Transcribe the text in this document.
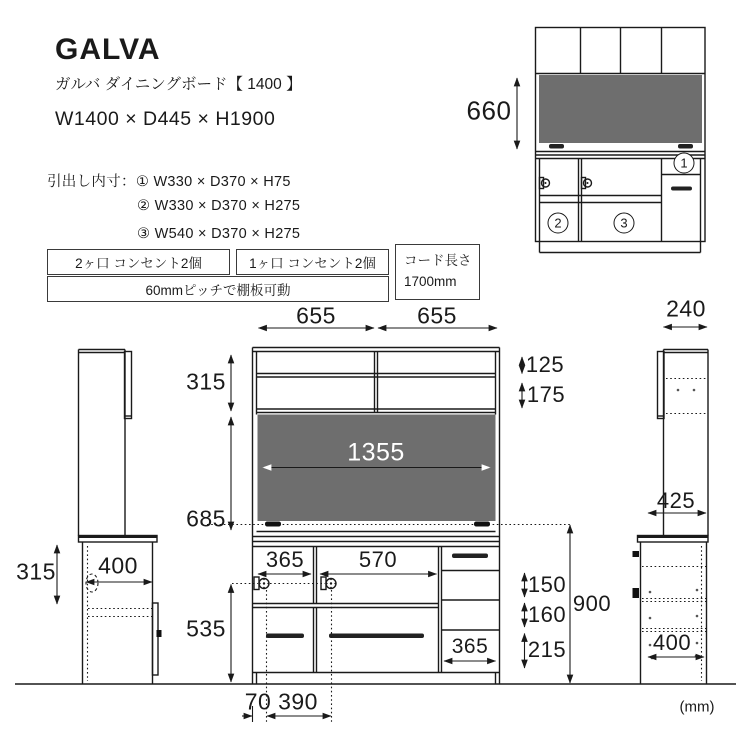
GALVA
ガルバ ダイニングボード【 1400 】
W1400 × D445 × H1900
引出し内寸：① W330 × D370 × H75
② W330 × D370 × H275
③ W540 × D370 × H275
2ヶ口 コンセント2個	1ヶ口 コンセント2個
60mmピッチで棚板可動
コード長さ
1700mm
1
2	3
660
655	655
125
175
315
685
1355
365 570
150
160
215
365
900
535
70 390
315 400
240
425
400
(mm)
